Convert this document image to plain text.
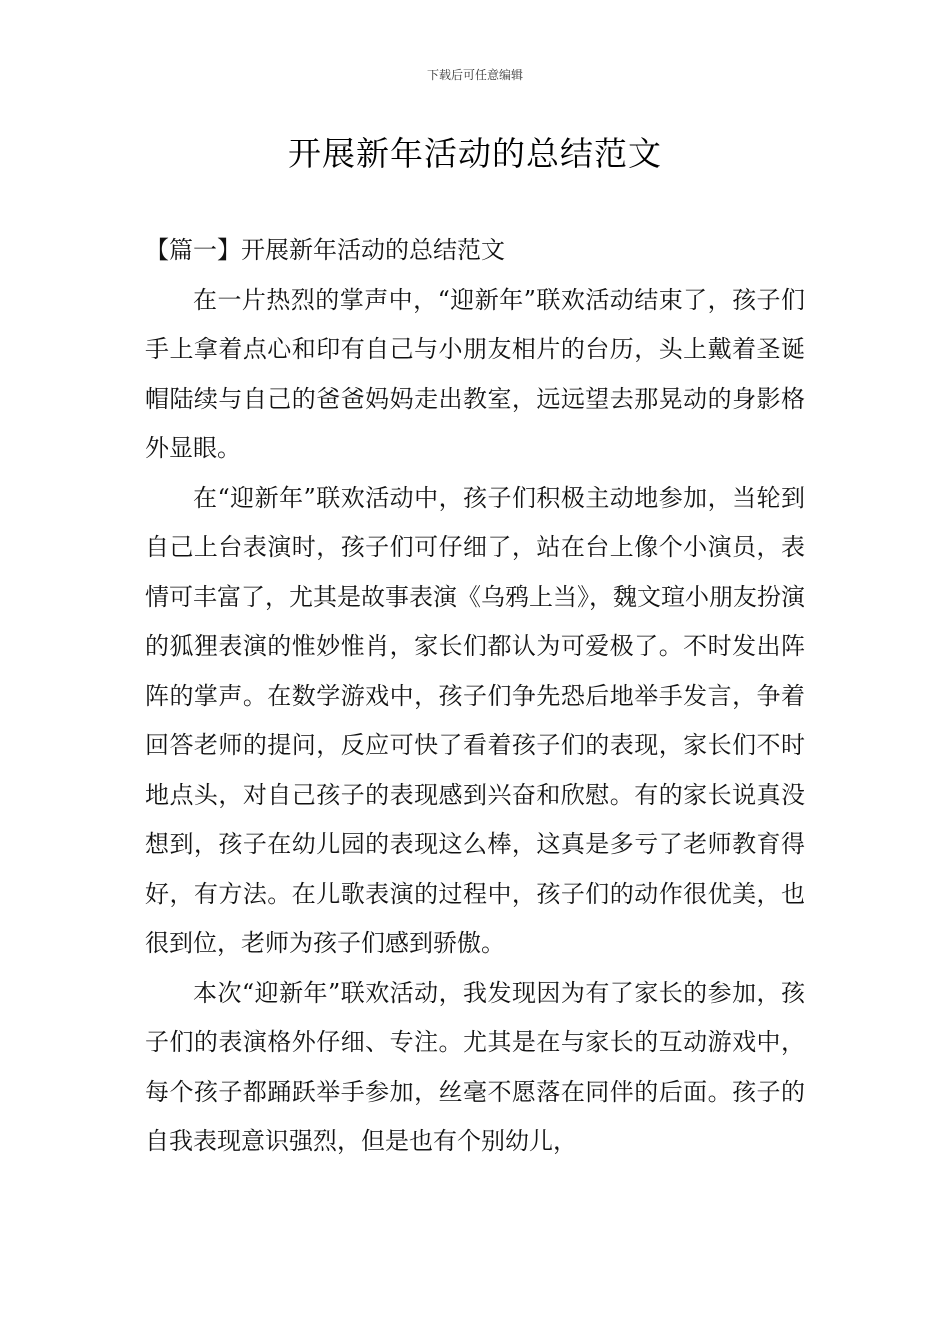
下载后可任意编辑
开展新年活动的总结范文

【篇一】开展新年活动的总结范文

在一片热烈的掌声中，“迎新年”联欢活动结束了，孩子们手上拿着点心和印有自己与小朋友相片的台历，头上戴着圣诞帽陆续与自己的爸爸妈妈走出教室，远远望去那晃动的身影格外显眼。

在“迎新年”联欢活动中，孩子们积极主动地参加，当轮到自己上台表演时，孩子们可仔细了，站在台上像个小演员，表情可丰富了，尤其是故事表演《乌鸦上当》，魏文瑄小朋友扮演的狐狸表演的惟妙惟肖，家长们都认为可爱极了。不时发出阵阵的掌声。在数学游戏中，孩子们争先恐后地举手发言，争着回答老师的提问，反应可快了看着孩子们的表现，家长们不时地点头，对自己孩子的表现感到兴奋和欣慰。有的家长说真没想到，孩子在幼儿园的表现这么棒，这真是多亏了老师教育得好，有方法。在儿歌表演的过程中，孩子们的动作很优美，也很到位，老师为孩子们感到骄傲。

本次“迎新年”联欢活动，我发现因为有了家长的参加，孩子们的表演格外仔细、专注。尤其是在与家长的互动游戏中，每个孩子都踊跃举手参加，丝毫不愿落在同伴的后面。孩子的自我表现意识强烈，但是也有个别幼儿，
